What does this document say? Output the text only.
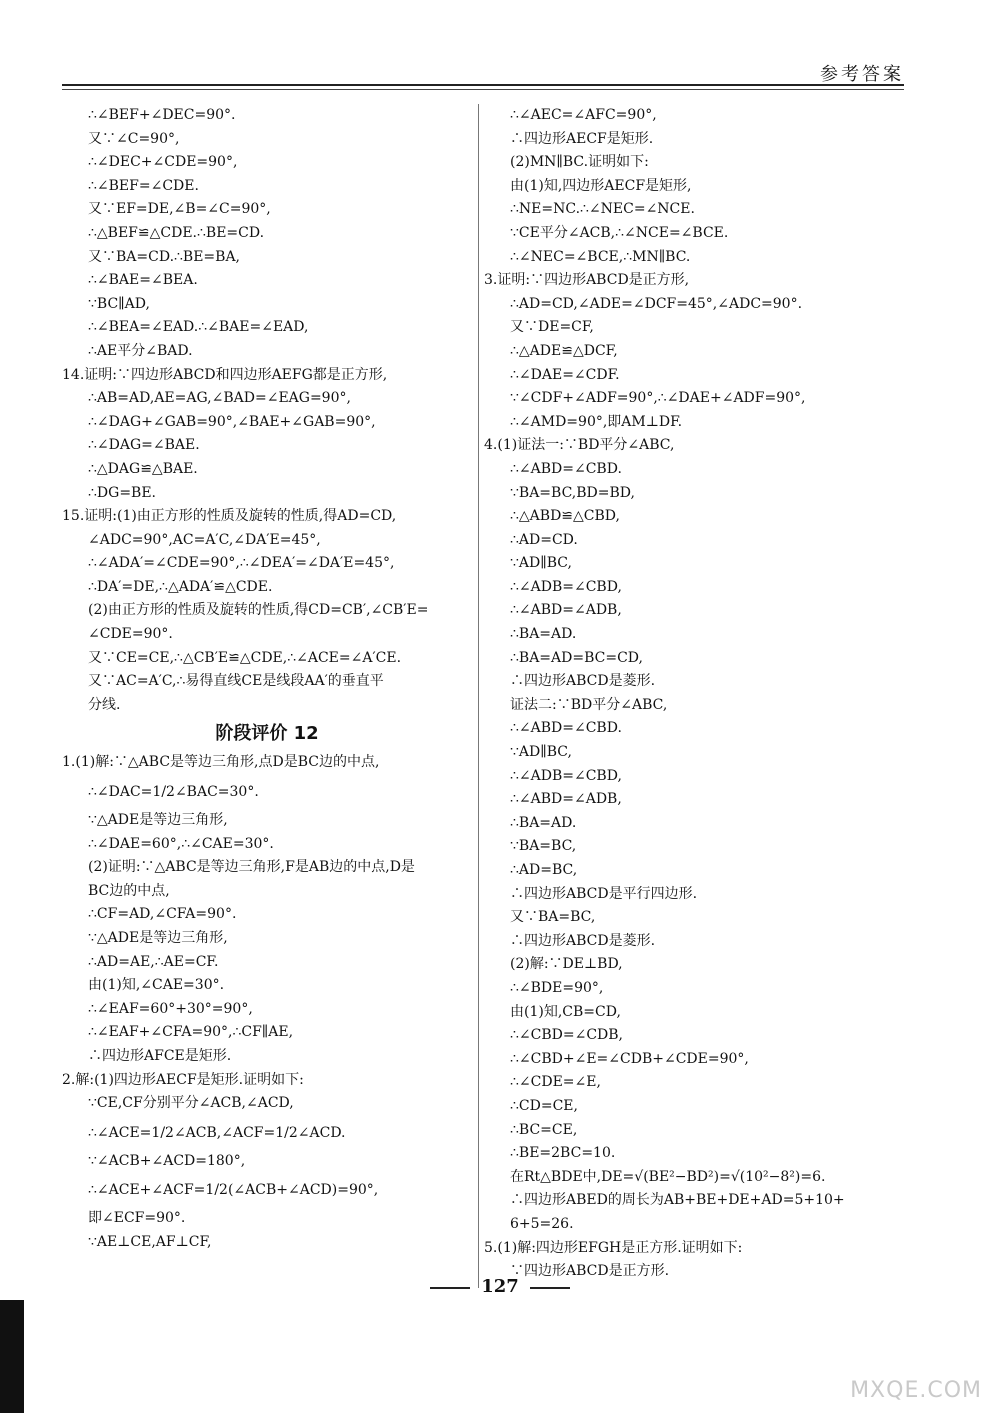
参考答案
∴∠BEF+∠DEC=90°.
又∵∠C=90°,
∴∠DEC+∠CDE=90°,
∴∠BEF=∠CDE.
又∵EF=DE,∠B=∠C=90°,
∴△BEF≌△CDE.∴BE=CD.
又∵BA=CD.∴BE=BA,
∴∠BAE=∠BEA.
∵BC∥AD,
∴∠BEA=∠EAD.∴∠BAE=∠EAD,
∴AE平分∠BAD.
14.证明:∵四边形ABCD和四边形AEFG都是正方形,
∴AB=AD,AE=AG,∠BAD=∠EAG=90°,
∴∠DAG+∠GAB=90°,∠BAE+∠GAB=90°,
∴∠DAG=∠BAE.
∴△DAG≌△BAE.
∴DG=BE.
15.证明:(1)由正方形的性质及旋转的性质,得AD=CD,
∠ADC=90°,AC=A′C,∠DA′E=45°,
∴∠ADA′=∠CDE=90°,∴∠DEA′=∠DA′E=45°,
∴DA′=DE,∴△ADA′≌△CDE.
(2)由正方形的性质及旋转的性质,得CD=CB′,∠CB′E=
∠CDE=90°.
又∵CE=CE,∴△CB′E≌△CDE,∴∠ACE=∠A′CE.
又∵AC=A′C,∴易得直线CE是线段AA′的垂直平
分线.
阶段评价 12
1.(1)解:∵△ABC是等边三角形,点D是BC边的中点,
∴∠DAC=1/2∠BAC=30°.
∵△ADE是等边三角形,
∴∠DAE=60°,∴∠CAE=30°.
(2)证明:∵△ABC是等边三角形,F是AB边的中点,D是
BC边的中点,
∴CF=AD,∠CFA=90°.
∵△ADE是等边三角形,
∴AD=AE,∴AE=CF.
由(1)知,∠CAE=30°.
∴∠EAF=60°+30°=90°,
∴∠EAF+∠CFA=90°,∴CF∥AE,
∴四边形AFCE是矩形.
2.解:(1)四边形AECF是矩形.证明如下:
∵CE,CF分别平分∠ACB,∠ACD,
∴∠ACE=1/2∠ACB,∠ACF=1/2∠ACD.
∵∠ACB+∠ACD=180°,
∴∠ACE+∠ACF=1/2(∠ACB+∠ACD)=90°,
即∠ECF=90°.
∵AE⊥CE,AF⊥CF,
∴∠AEC=∠AFC=90°,
∴四边形AECF是矩形.
(2)MN∥BC.证明如下:
由(1)知,四边形AECF是矩形,
∴NE=NC.∴∠NEC=∠NCE.
∵CE平分∠ACB,∴∠NCE=∠BCE.
∴∠NEC=∠BCE,∴MN∥BC.
3.证明:∵四边形ABCD是正方形,
∴AD=CD,∠ADE=∠DCF=45°,∠ADC=90°.
又∵DE=CF,
∴△ADE≌△DCF,
∴∠DAE=∠CDF.
∵∠CDF+∠ADF=90°,∴∠DAE+∠ADF=90°,
∴∠AMD=90°,即AM⊥DF.
4.(1)证法一:∵BD平分∠ABC,
∴∠ABD=∠CBD.
∵BA=BC,BD=BD,
∴△ABD≌△CBD,
∴AD=CD.
∵AD∥BC,
∴∠ADB=∠CBD,
∴∠ABD=∠ADB,
∴BA=AD.
∴BA=AD=BC=CD,
∴四边形ABCD是菱形.
证法二:∵BD平分∠ABC,
∴∠ABD=∠CBD.
∵AD∥BC,
∴∠ADB=∠CBD,
∴∠ABD=∠ADB,
∴BA=AD.
∵BA=BC,
∴AD=BC,
∴四边形ABCD是平行四边形.
又∵BA=BC,
∴四边形ABCD是菱形.
(2)解:∵DE⊥BD,
∴∠BDE=90°,
由(1)知,CB=CD,
∴∠CBD=∠CDB,
∴∠CBD+∠E=∠CDB+∠CDE=90°,
∴∠CDE=∠E,
∴CD=CE,
∴BC=CE,
∴BE=2BC=10.
在Rt△BDE中,DE=√(BE²−BD²)=√(10²−8²)=6.
∴四边形ABED的周长为AB+BE+DE+AD=5+10+
6+5=26.
5.(1)解:四边形EFGH是正方形.证明如下:
∵四边形ABCD是正方形.
127
MXQE.COM
